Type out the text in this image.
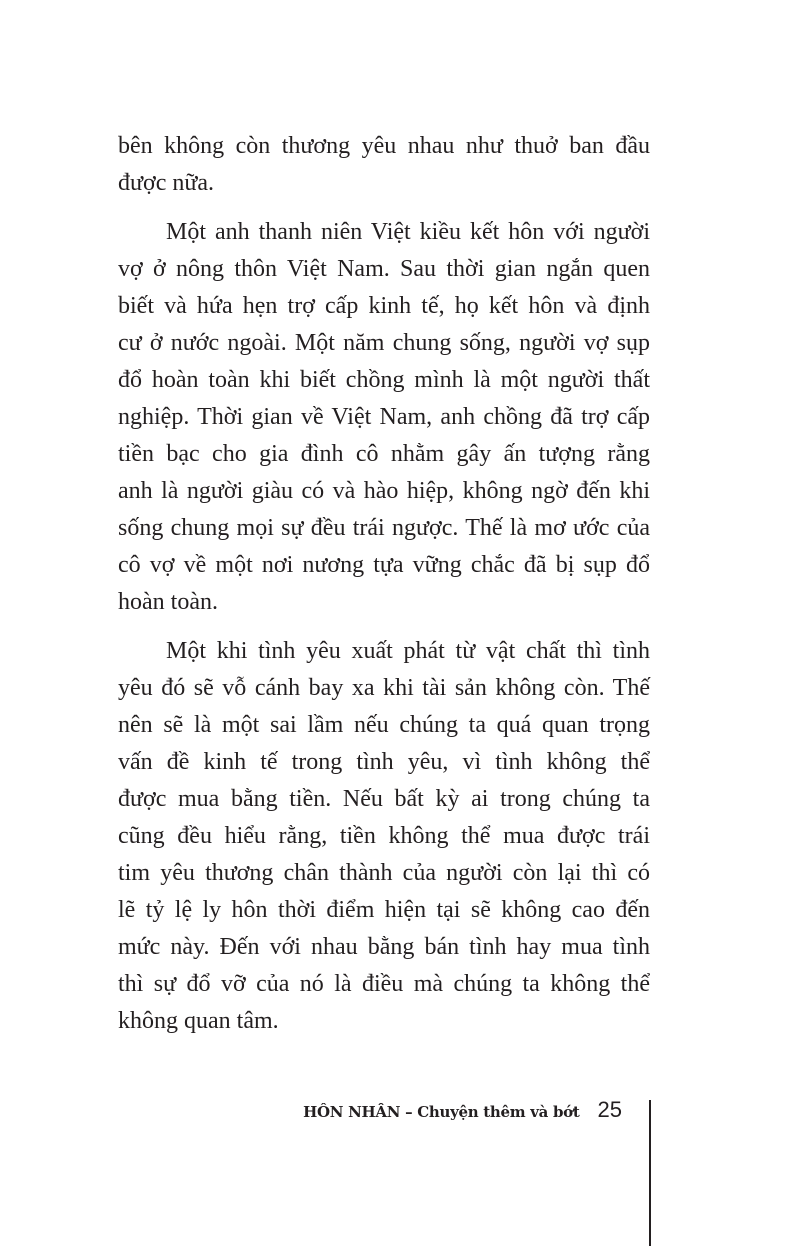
bên không còn thương yêu nhau như thuở ban đầu
được nữa.
Một anh thanh niên Việt kiều kết hôn với người
vợ ở nông thôn Việt Nam. Sau thời gian ngắn quen
biết và hứa hẹn trợ cấp kinh tế, họ kết hôn và định
cư ở nước ngoài. Một năm chung sống, người vợ sụp
đổ hoàn toàn khi biết chồng mình là một người thất
nghiệp. Thời gian về Việt Nam, anh chồng đã trợ cấp
tiền bạc cho gia đình cô nhằm gây ấn tượng rằng
anh là người giàu có và hào hiệp, không ngờ đến khi
sống chung mọi sự đều trái ngược. Thế là mơ ước của
cô vợ về một nơi nương tựa vững chắc đã bị sụp đổ
hoàn toàn.
Một khi tình yêu xuất phát từ vật chất thì tình
yêu đó sẽ vỗ cánh bay xa khi tài sản không còn. Thế
nên sẽ là một sai lầm nếu chúng ta quá quan trọng
vấn đề kinh tế trong tình yêu, vì tình không thể
được mua bằng tiền. Nếu bất kỳ ai trong chúng ta
cũng đều hiểu rằng, tiền không thể mua được trái
tim yêu thương chân thành của người còn lại thì có
lẽ tỷ lệ ly hôn thời điểm hiện tại sẽ không cao đến
mức này. Đến với nhau bằng bán tình hay mua tình
thì sự đổ vỡ của nó là điều mà chúng ta không thể
không quan tâm.
HÔN NHÂN – Chuyện thêm và bớt 25
